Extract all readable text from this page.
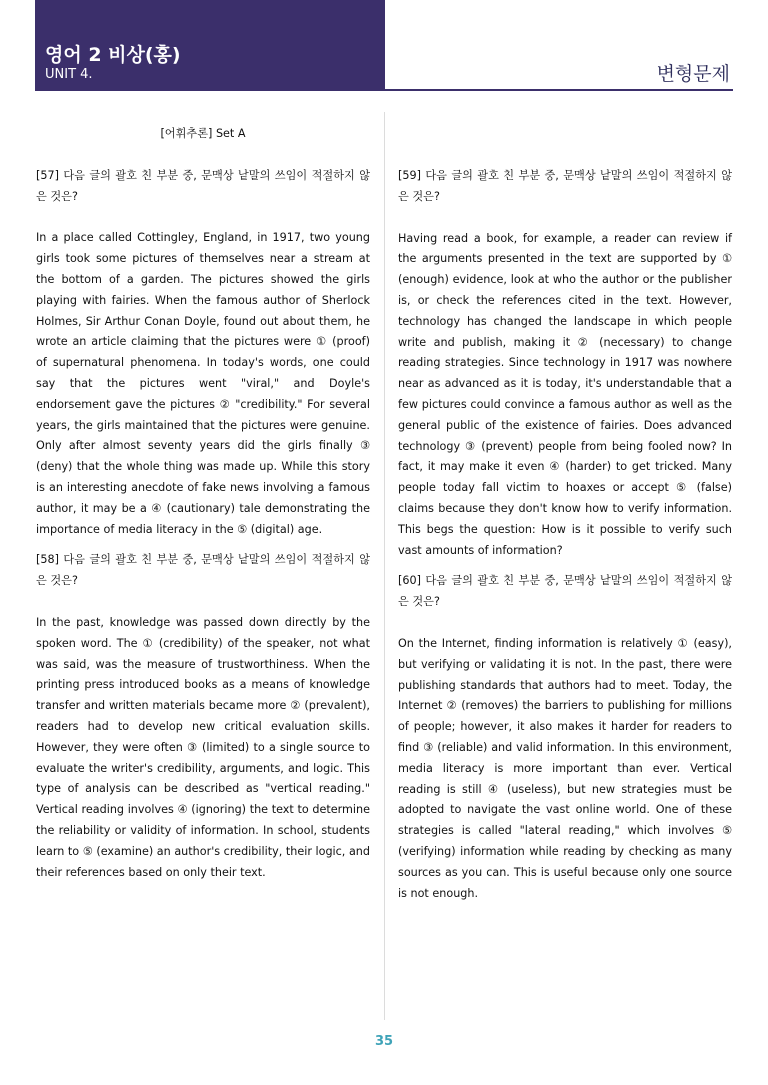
영어 2 비상(홍)
UNIT 4.	변형문제

[어휘추론] Set A

[57] 다음 글의 괄호 친 부분 중, 문맥상 낱말의 쓰임이 적절하지 않은 것은?

In a place called Cottingley, England, in 1917, two young girls took some pictures of themselves near a stream at the bottom of a garden. The pictures showed the girls playing with fairies. When the famous author of Sherlock Holmes, Sir Arthur Conan Doyle, found out about them, he wrote an article claiming that the pictures were ① (proof) of supernatural phenomena. In today's words, one could say that the pictures went "viral," and Doyle's endorsement gave the pictures ② "credibility." For several years, the girls maintained that the pictures were genuine. Only after almost seventy years did the girls finally ③ (deny) that the whole thing was made up. While this story is an interesting anecdote of fake news involving a famous author, it may be a ④ (cautionary) tale demonstrating the importance of media literacy in the ⑤ (digital) age.

[58] 다음 글의 괄호 친 부분 중, 문맥상 낱말의 쓰임이 적절하지 않은 것은?

In the past, knowledge was passed down directly by the spoken word. The ① (credibility) of the speaker, not what was said, was the measure of trustworthiness. When the printing press introduced books as a means of knowledge transfer and written materials became more ② (prevalent), readers had to develop new critical evaluation skills. However, they were often ③ (limited) to a single source to evaluate the writer's credibility, arguments, and logic. This type of analysis can be described as "vertical reading." Vertical reading involves ④ (ignoring) the text to determine the reliability or validity of information. In school, students learn to ⑤ (examine) an author's credibility, their logic, and their references based on only their text.

[59] 다음 글의 괄호 친 부분 중, 문맥상 낱말의 쓰임이 적절하지 않은 것은?

Having read a book, for example, a reader can review if the arguments presented in the text are supported by ① (enough) evidence, look at who the author or the publisher is, or check the references cited in the text. However, technology has changed the landscape in which people write and publish, making it ② (necessary) to change reading strategies. Since technology in 1917 was nowhere near as advanced as it is today, it's understandable that a few pictures could convince a famous author as well as the general public of the existence of fairies. Does advanced technology ③ (prevent) people from being fooled now? In fact, it may make it even ④ (harder) to get tricked. Many people today fall victim to hoaxes or accept ⑤ (false) claims because they don't know how to verify information. This begs the question: How is it possible to verify such vast amounts of information?

[60] 다음 글의 괄호 친 부분 중, 문맥상 낱말의 쓰임이 적절하지 않은 것은?

On the Internet, finding information is relatively ① (easy), but verifying or validating it is not. In the past, there were publishing standards that authors had to meet. Today, the Internet ② (removes) the barriers to publishing for millions of people; however, it also makes it harder for readers to find ③ (reliable) and valid information. In this environment, media literacy is more important than ever. Vertical reading is still ④ (useless), but new strategies must be adopted to navigate the vast online world. One of these strategies is called "lateral reading," which involves ⑤ (verifying) information while reading by checking as many sources as you can. This is useful because only one source is not enough.

35
